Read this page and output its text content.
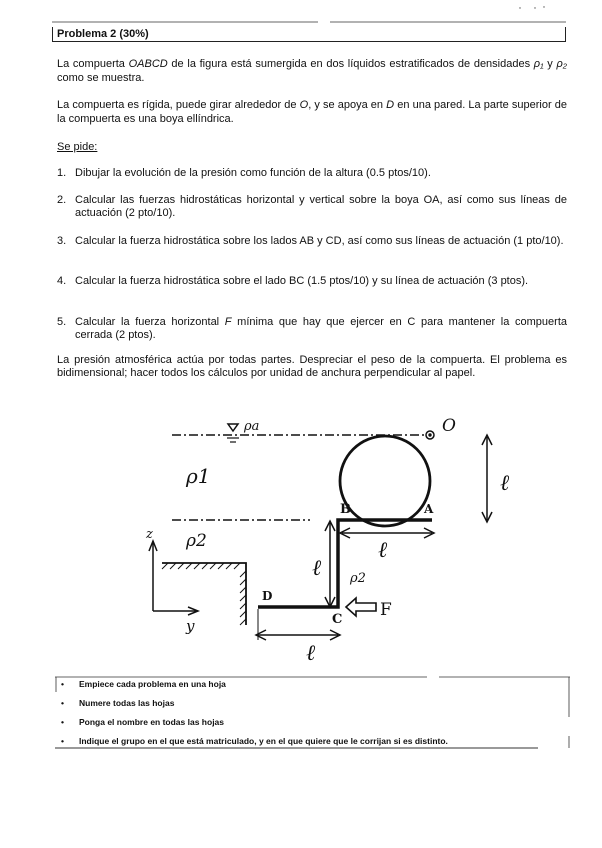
Problema 2 (30%)

La compuerta OABCD de la figura está sumergida en dos líquidos estratificados de densidades ρ₁ y ρ₂ como se muestra.

La compuerta es rígida, puede girar alrededor de O, y se apoya en D en una pared. La parte superior de la compuerta es una boya ellíndrica.

Se pide:

1. Dibujar la evolución de la presión como función de la altura (0.5 ptos/10).
2. Calcular las fuerzas hidrostáticas horizontal y vertical sobre la boya OA, así como sus líneas de actuación (2 pto/10).
3. Calcular la fuerza hidrostática sobre los lados AB y CD, así como sus líneas de actuación (1 pto/10).
4. Calcular la fuerza hidrostática sobre el lado BC (1.5 ptos/10) y su línea de actuación (3 ptos).
5. Calcular la fuerza horizontal F mínima que hay que ejercer en C para mantener la compuerta cerrada (2 ptos).

La presión atmosférica actúa por todas partes. Despreciar el peso de la compuerta. El problema es bidimensional; hacer todos los cálculos por unidad de anchura perpendicular al papel.

ρa
ρ1
ρ2
ρ2
O
A
B
C
D
F
ℓ
ℓ
ℓ
ℓ
z
y
• Empiece cada problema en una hoja
• Numere todas las hojas
• Ponga el nombre en todas las hojas
• Indique el grupo en el que está matriculado, y en el que quiere que le corrijan si es distinto.
